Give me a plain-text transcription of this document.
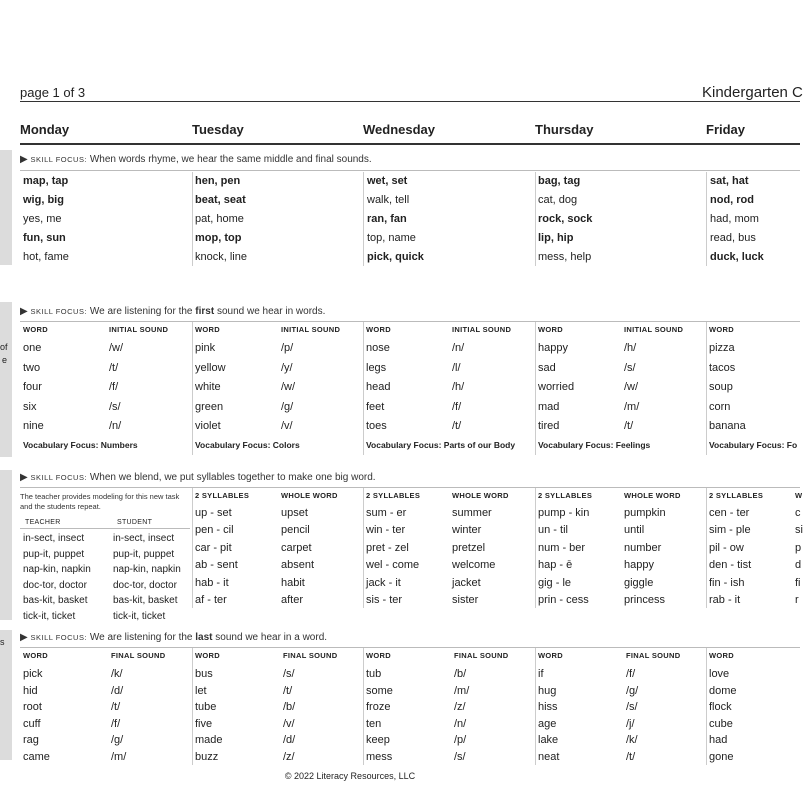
page 1 of 3	Kindergarten C
Monday	Tuesday	Wednesday	Thursday	Friday
of
e
s
▶ SKILL FOCUS: When words rhyme, we hear the same middle and final sounds.
map, tap	hen, pen	wet, set	bag, tag	sat, hat
wig, big	beat, seat	walk, tell	cat, dog	nod, rod
yes, me	pat, home	ran, fan	rock, sock	had, mom
fun, sun	mop, top	top, name	lip, hip	read, bus
hot, fame	knock, line	pick, quick	mess, help	duck, luck
▶ SKILL FOCUS: We are listening for the first sound we hear in words.
WORD	INITIAL SOUND
one	/w/
two	/t/
four	/f/
six	/s/
nine	/n/
Vocabulary Focus: Numbers
WORD	INITIAL SOUND
pink	/p/
yellow	/y/
white	/w/
green	/g/
violet	/v/
Vocabulary Focus: Colors
WORD	INITIAL SOUND
nose	/n/
legs	/l/
head	/h/
feet	/f/
toes	/t/
Vocabulary Focus: Parts of our Body
WORD	INITIAL SOUND
happy	/h/
sad	/s/
worried	/w/
mad	/m/
tired	/t/
Vocabulary Focus: Feelings
WORD
pizza
tacos
soup
corn
banana
Vocabulary Focus: Fo
▶ SKILL FOCUS: When we blend, we put syllables together to make one big word.
The teacher provides modeling for this new task and the students repeat.
TEACHER	STUDENT
in-sect, insect	in-sect, insect
pup-it, puppet	pup-it, puppet
nap-kin, napkin nap-kin, napkin
doc-tor, doctor	doc-tor, doctor
bas-kit, basket	bas-kit, basket
tick-it, ticket	tick-it, ticket
2 SYLLABLES	WHOLE WORD
up - set	upset
pen - cil	pencil
car - pit	carpet
ab - sent	absent
hab - it	habit
af - ter	after
2 SYLLABLES	WHOLE WORD
sum - er	summer
win - ter	winter
pret - zel	pretzel
wel - come	welcome
jack - it	jacket
sis - ter	sister
2 SYLLABLES	WHOLE WORD
pump - kin	pumpkin
un - til	until
num - ber	number
hap - ē	happy
gig - le	giggle
prin - cess	princess
2 SYLLABLES	W
cen - ter	c
sim - ple	si
pil - ow	p
den - tist	d
fin - ish	fi
rab - it	r
▶ SKILL FOCUS: We are listening for the last sound we hear in a word.
WORD	FINAL SOUND
pick	/k/
hid	/d/
root	/t/
cuff	/f/
rag	/g/
came	/m/
WORD	FINAL SOUND
bus	/s/
let	/t/
tube	/b/
five	/v/
made	/d/
buzz	/z/
WORD	FINAL SOUND
tub	/b/
some	/m/
froze	/z/
ten	/n/
keep	/p/
mess	/s/
WORD	FINAL SOUND
if	/f/
hug	/g/
hiss	/s/
age	/j/
lake	/k/
neat	/t/
WORD
love
dome
flock
cube
had
gone
© 2022 Literacy Resources, LLC
